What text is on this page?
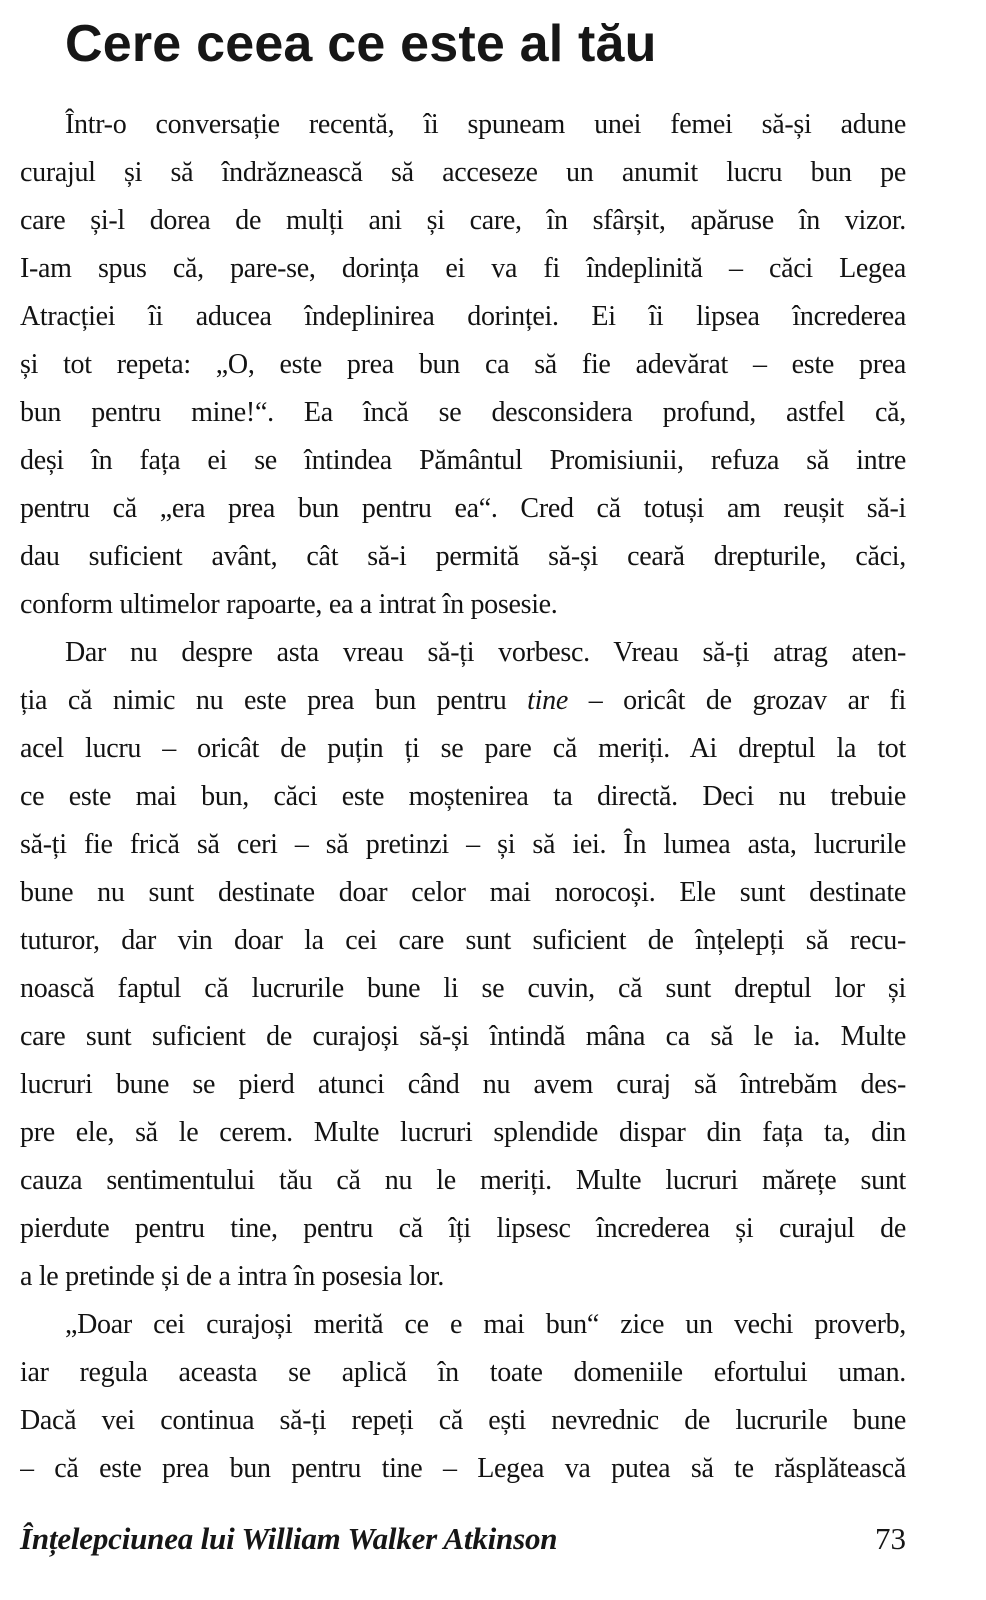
Cere ceea ce este al tău
Într-o conversație recentă, îi spuneam unei femei să-și adune
curajul și să îndrăznească să acceseze un anumit lucru bun pe
care și-l dorea de mulți ani și care, în sfârșit, apăruse în vizor.
I-am spus că, pare-se, dorința ei va fi îndeplinită – căci Legea
Atracției îi aducea îndeplinirea dorinței. Ei îi lipsea încrederea
și tot repeta: „O, este prea bun ca să fie adevărat – este prea
bun pentru mine!“. Ea încă se desconsidera profund, astfel că,
deși în fața ei se întindea Pământul Promisiunii, refuza să intre
pentru că „era prea bun pentru ea“. Cred că totuși am reușit să-i
dau suficient avânt, cât să-i permită să-și ceară drepturile, căci,
conform ultimelor rapoarte, ea a intrat în posesie.
Dar nu despre asta vreau să-ți vorbesc. Vreau să-ți atrag aten-
ția că nimic nu este prea bun pentru tine – oricât de grozav ar fi
acel lucru – oricât de puțin ți se pare că meriți. Ai dreptul la tot
ce este mai bun, căci este moștenirea ta directă. Deci nu trebuie
să-ți fie frică să ceri – să pretinzi – și să iei. În lumea asta, lucrurile
bune nu sunt destinate doar celor mai norocoși. Ele sunt destinate
tuturor, dar vin doar la cei care sunt suficient de înțelepți să recu-
noască faptul că lucrurile bune li se cuvin, că sunt dreptul lor și
care sunt suficient de curajoși să-și întindă mâna ca să le ia. Multe
lucruri bune se pierd atunci când nu avem curaj să întrebăm des-
pre ele, să le cerem. Multe lucruri splendide dispar din fața ta, din
cauza sentimentului tău că nu le meriți. Multe lucruri mărețe sunt
pierdute pentru tine, pentru că îți lipsesc încrederea și curajul de
a le pretinde și de a intra în posesia lor.
„Doar cei curajoși merită ce e mai bun“ zice un vechi proverb,
iar regula aceasta se aplică în toate domeniile efortului uman.
Dacă vei continua să-ți repeți că ești nevrednic de lucrurile bune
– că este prea bun pentru tine – Legea va putea să te răsplătească
Înțelepciunea lui William Walker Atkinson	73
